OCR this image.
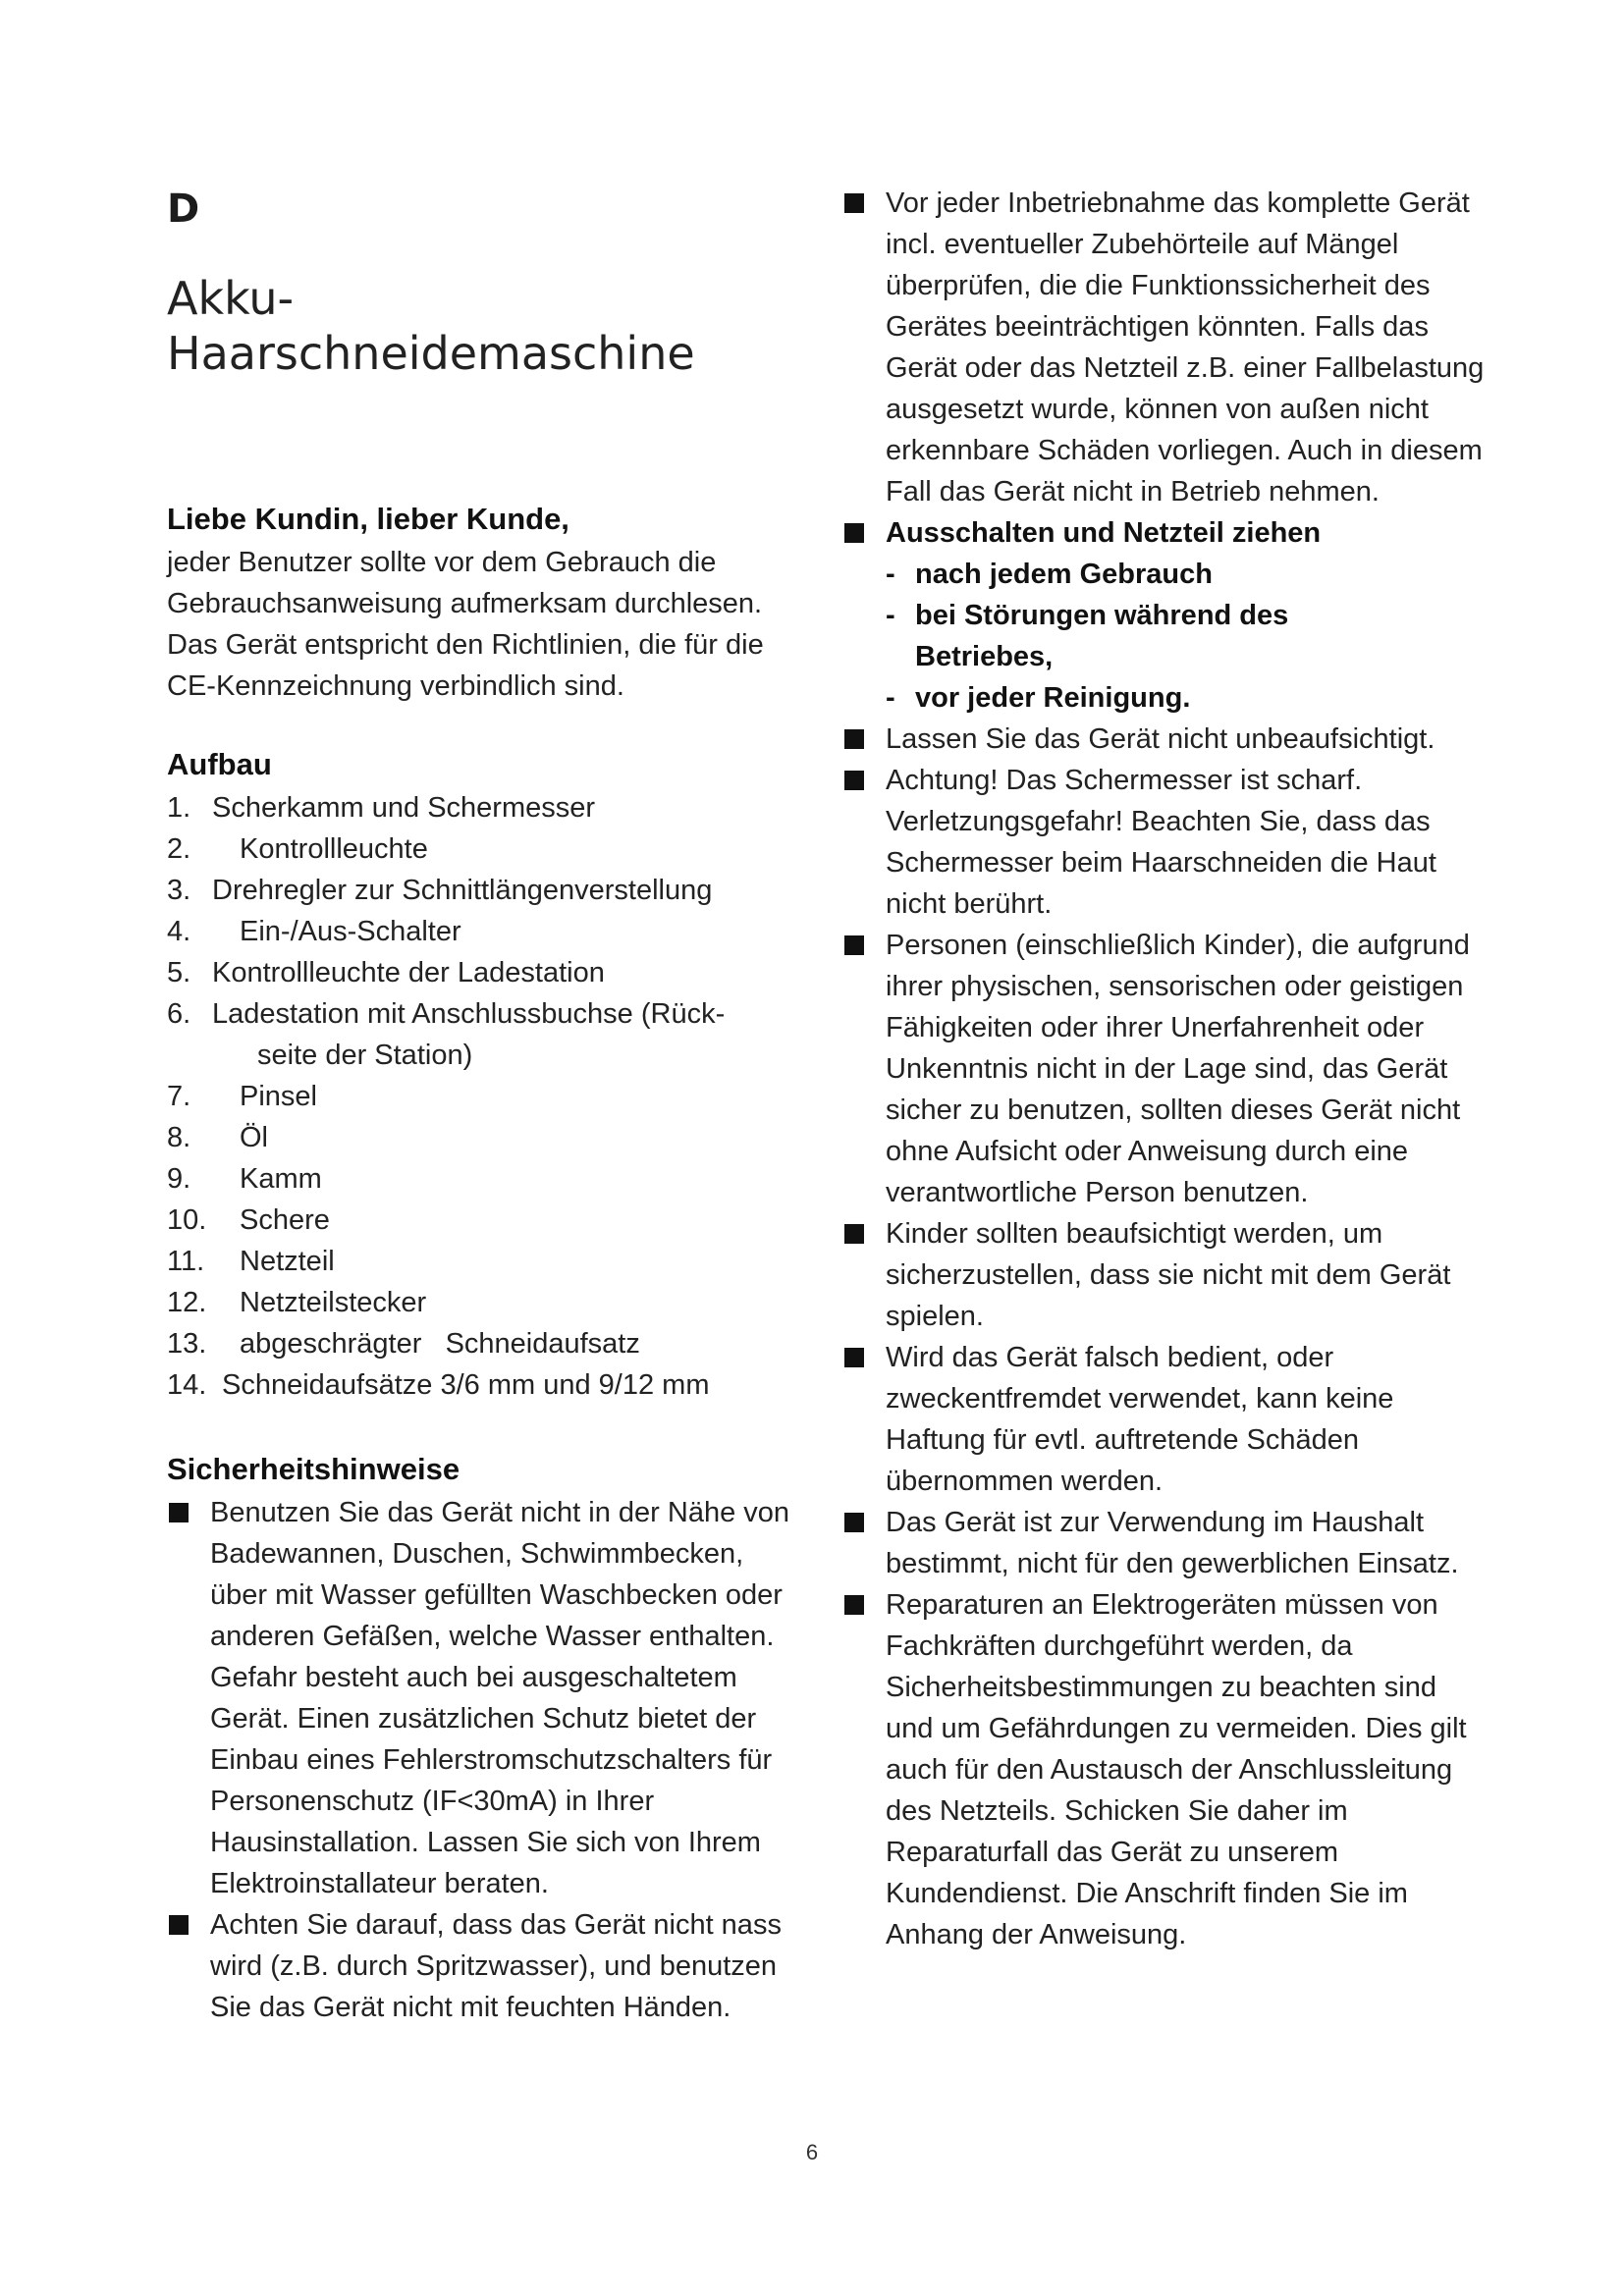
D
Akku-
Haarschneidemaschine
Liebe Kundin, lieber Kunde,

jeder Benutzer sollte vor dem Gebrauch die
Gebrauchsanweisung aufmerksam durchlesen.
Das Gerät entspricht den Richtlinien, die für die
CE-Kennzeichnung verbindlich sind.

Aufbau
1. Scherkamm und Schermesser
2.	Kontrollleuchte
3. Drehregler zur Schnittlängenverstellung
4.	Ein-/Aus-Schalter
5. Kontrollleuchte der Ladestation
6. Ladestation mit Anschlussbuchse (Rück-
seite der Station)
7.	Pinsel
8.	Öl
9.	Kamm
10.	Schere
11.	Netzteil
12.	Netzteilstecker
13.	abgeschrägter   Schneidaufsatz
14. Schneidaufsätze 3/6 mm und 9/12 mm
Sicherheitshinweise
Benutzen Sie das Gerät nicht in der Nähe von Badewannen, Duschen, Schwimmbecken, über mit Wasser gefüllten Waschbecken oder anderen Gefäßen, welche Wasser enthalten. Gefahr besteht auch bei ausgeschaltetem Gerät. Einen zusätzlichen Schutz bietet der Einbau eines Fehlerstromschutzschalters für Personenschutz (IF<30mA) in Ihrer Hausinstallation. Lassen Sie sich von Ihrem Elektroinstallateur beraten.
Achten Sie darauf, dass das Gerät nicht nass wird (z.B. durch Spritzwasser), und benutzen Sie das Gerät nicht mit feuchten Händen.
Vor jeder Inbetriebnahme das komplette Gerät incl. eventueller Zubehörteile auf Mängel überprüfen, die die Funktionssicherheit des Gerätes beeinträchtigen könnten. Falls das Gerät oder das Netzteil z.B. einer Fallbelastung ausgesetzt wurde, können von außen nicht erkennbare Schäden vorliegen. Auch in diesem Fall das Gerät nicht in Betrieb nehmen.
Ausschalten und Netzteil ziehen
- nach jedem Gebrauch
- bei Störungen während des
Betriebes,
- vor jeder Reinigung.
Lassen Sie das Gerät nicht unbeaufsichtigt.
Achtung! Das Schermesser ist scharf. Verletzungsgefahr! Beachten Sie, dass das Schermesser beim Haarschneiden die Haut nicht berührt.
Personen (einschließlich Kinder), die aufgrund ihrer physischen, sensorischen oder geistigen Fähigkeiten oder ihrer Unerfahrenheit oder Unkenntnis nicht in der Lage sind, das Gerät sicher zu benutzen, sollten dieses Gerät nicht ohne Aufsicht oder Anweisung durch eine verantwortliche Person benutzen.
Kinder sollten beaufsichtigt werden, um sicherzustellen, dass sie nicht mit dem Gerät spielen.
Wird das Gerät falsch bedient, oder zweckentfremdet verwendet, kann keine Haftung für evtl. auftretende Schäden übernommen werden.
Das Gerät ist zur Verwendung im Haushalt bestimmt, nicht für den gewerblichen Einsatz.
Reparaturen an Elektrogeräten müssen von Fachkräften durchgeführt werden, da Sicherheitsbestimmungen zu beachten sind und um Gefährdungen zu vermeiden. Dies gilt auch für den Austausch der Anschlussleitung des Netzteils. Schicken Sie daher im Reparaturfall das Gerät zu unserem Kundendienst. Die Anschrift finden Sie im Anhang der Anweisung.
6
